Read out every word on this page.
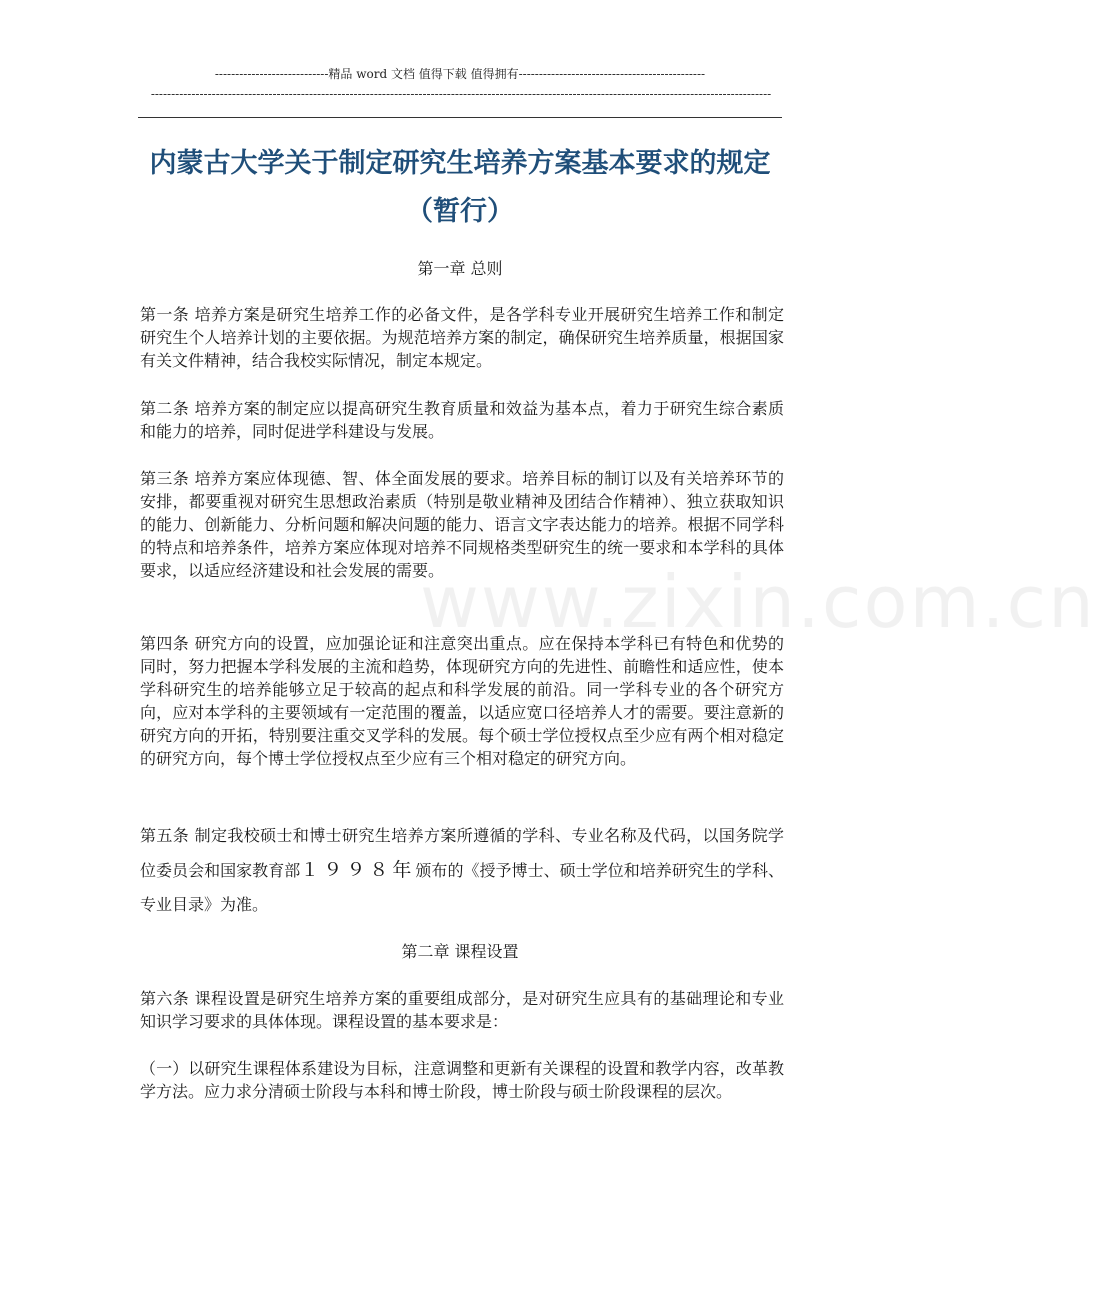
----------------------------精品 word 文档 值得下载 值得拥有----------------------------------------------
---------------------------------------------------------------------------------------------------------------------------------------------------------
内蒙古大学关于制定研究生培养方案基本要求的规定（暂行）
第一章 总则
第一条 培养方案是研究生培养工作的必备文件，是各学科专业开展研究生培养工作和制定研究生个人培养计划的主要依据。为规范培养方案的制定，确保研究生培养质量，根据国家有关文件精神，结合我校实际情况，制定本规定。
第二条 培养方案的制定应以提高研究生教育质量和效益为基本点，着力于研究生综合素质和能力的培养，同时促进学科建设与发展。
第三条 培养方案应体现德、智、体全面发展的要求。培养目标的制订以及有关培养环节的安排，都要重视对研究生思想政治素质（特别是敬业精神及团结合作精神）、独立获取知识的能力、创新能力、分析问题和解决问题的能力、语言文字表达能力的培养。根据不同学科的特点和培养条件，培养方案应体现对培养不同规格类型研究生的统一要求和本学科的具体要求，以适应经济建设和社会发展的需要。
www.zixin.com.cn
第四条 研究方向的设置，应加强论证和注意突出重点。应在保持本学科已有特色和优势的同时，努力把握本学科发展的主流和趋势，体现研究方向的先进性、前瞻性和适应性，使本学科研究生的培养能够立足于较高的起点和科学发展的前沿。同一学科专业的各个研究方向，应对本学科的主要领域有一定范围的覆盖，以适应宽口径培养人才的需要。要注意新的研究方向的开拓，特别要注重交叉学科的发展。每个硕士学位授权点至少应有两个相对稳定的研究方向，每个博士学位授权点至少应有三个相对稳定的研究方向。
第五条 制定我校硕士和博士研究生培养方案所遵循的学科、专业名称及代码，以国务院学位委员会和国家教育部１９９８年颁布的《授予博士、硕士学位和培养研究生的学科、专业目录》为准。
第二章 课程设置
第六条 课程设置是研究生培养方案的重要组成部分，是对研究生应具有的基础理论和专业知识学习要求的具体体现。课程设置的基本要求是：
（一）以研究生课程体系建设为目标，注意调整和更新有关课程的设置和教学内容，改革教学方法。应力求分清硕士阶段与本科和博士阶段，博士阶段与硕士阶段课程的层次。
